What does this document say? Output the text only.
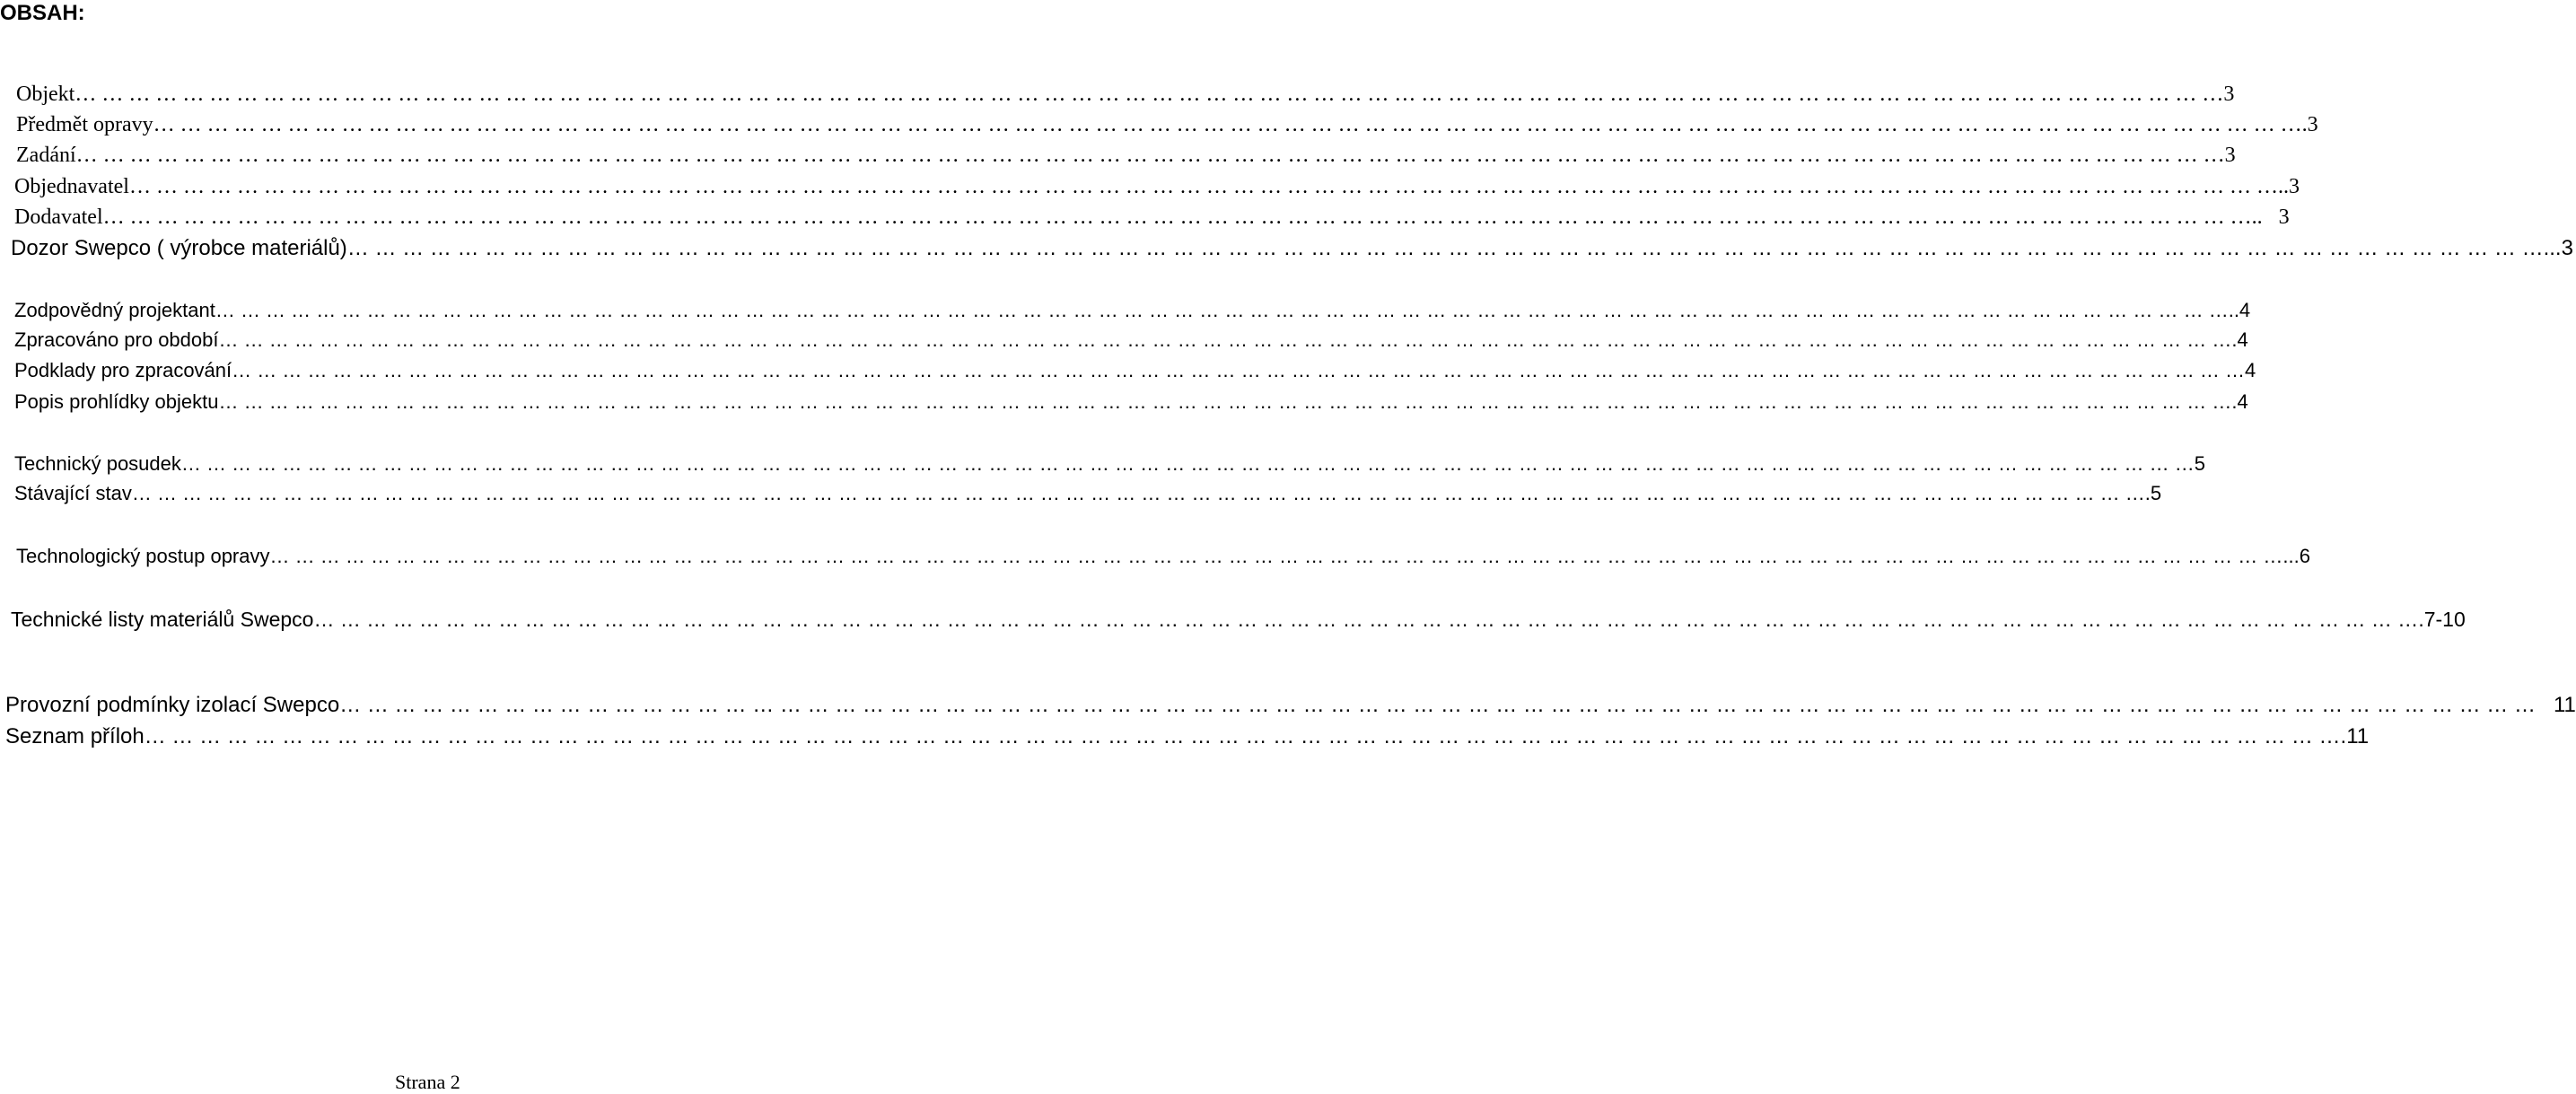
OBSAH:
Objekt … … … … … … … … … … … … … … … … … … … … … … … … … … … … … … … … … … … … … … … … … … … … … … … … … … … … … … … … … … … … … … … … … … … … … … … … … … … … … … … … 3
Předmět opravy … … … … … … … … … … … … … … … … … … … … … … … … … … … … … … … … … … … … … … … … … … … … … … … … … … … … … … … … … … … … … … … … … … … … … … … … … … … … … … … … .3
Zadání … … … … … … … … … … … … … … … … … … … … … … … … … … … … … … … … … … … … … … … … … … … … … … … … … … … … … … … … … … … … … … … … … … … … … … … … … … … … … … … … 3
Objednavatel … … … … … … … … … … … … … … … … … … … … … … … … … … … … … … … … … … … … … … … … … … … … … … … … … … … … … … … … … … … … … … … … … … … … … … … … … … … … … … … … ..3
Dodavatel … … … … … … … … … … … … … … … … … … … … … … … … … … … … … … … … … … … … … … … … … … … … … … … … … … … … … … … … … … … … … … … … … … … … … … … … … … … … … … … … ..   3
Dozor Swepco ( výrobce materiálů) … … … … … … … … … … … … … … … … … … … … … … … … … … … … … … … … … … … … … … … … … … … … … … … … … … … … … … … … … … … … … … … … … … … … … … … … … … … … … … … … ...3
Zodpovědný projektant … … … … … … … … … … … … … … … … … … … … … … … … … … … … … … … … … … … … … … … … … … … … … … … … … … … … … … … … … … … … … … … … … … … … … … … … … … … … … … … … ..4
Zpracováno pro období … … … … … … … … … … … … … … … … … … … … … … … … … … … … … … … … … … … … … … … … … … … … … … … … … … … … … … … … … … … … … … … … … … … … … … … … … … … … … … … … .4
Podklady pro zpracování … … … … … … … … … … … … … … … … … … … … … … … … … … … … … … … … … … … … … … … … … … … … … … … … … … … … … … … … … … … … … … … … … … … … … … … … … … … … … … … … 4
Popis prohlídky objektu … … … … … … … … … … … … … … … … … … … … … … … … … … … … … … … … … … … … … … … … … … … … … … … … … … … … … … … … … … … … … … … … … … … … … … … … … … … … … … … … .4
Technický posudek … … … … … … … … … … … … … … … … … … … … … … … … … … … … … … … … … … … … … … … … … … … … … … … … … … … … … … … … … … … … … … … … … … … … … … … … … … … … … … … … 5
Stávající stav … … … … … … … … … … … … … … … … … … … … … … … … … … … … … … … … … … … … … … … … … … … … … … … … … … … … … … … … … … … … … … … … … … … … … … … … … … … … … … … … .5
Technologický postup opravy … … … … … … … … … … … … … … … … … … … … … … … … … … … … … … … … … … … … … … … … … … … … … … … … … … … … … … … … … … … … … … … … … … … … … … … … … … … … … … … … ...6
Technické listy materiálů Swepco … … … … … … … … … … … … … … … … … … … … … … … … … … … … … … … … … … … … … … … … … … … … … … … … … … … … … … … … … … … … … … … … … … … … … … … … … … … … … … … … .7-10
Provozní podmínky izolací Swepco … … … … … … … … … … … … … … … … … … … … … … … … … … … … … … … … … … … … … … … … … … … … … … … … … … … … … … … … … … … … … … … … … … … … … … … … … … … … … … … … 11
Seznam příloh … … … … … … … … … … … … … … … … … … … … … … … … … … … … … … … … … … … … … … … … … … … … … … … … … … … … … … … … … … … … … … … … … … … … … … … … … … … … … … … … .11
Strana 2
